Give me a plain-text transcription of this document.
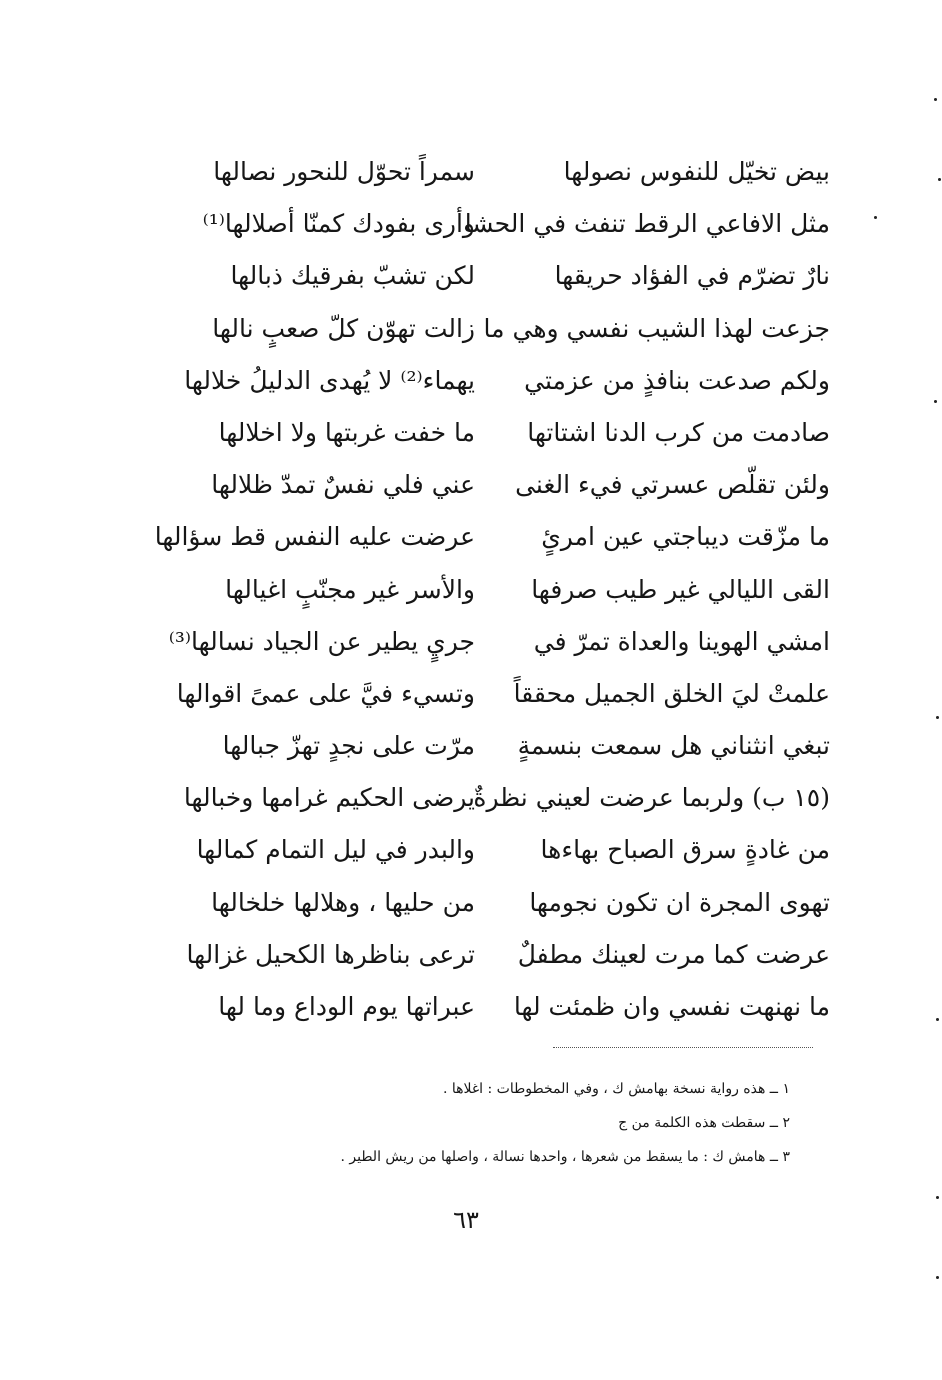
بيض تخيّل للنفوس نصولها
سمراً تحوّل للنحور نصالها
مثل الافاعي الرقط تنفث في الحشا
وأرى بفودك كمنّا أصلالها⁽¹⁾
نارٌ تضرّم في الفؤاد حريقها
لكن تشبّ بفرقيك ذبالها
جزعت لهذا الشيب نفسي وهي ما
زالت تهوّن كلّ صعبٍ نالها
ولكم صدعت بنافذٍ من عزمتي
يهماء⁽²⁾ لا يُهدى الدليلُ خلالها
صادمت من كرب الدنا اشتاتها
ما خفت غربتها ولا اخلالها
ولئن تقلّص عسرتي فيء الغنى
عني فلي نفسٌ تمدّ ظلالها
ما مزّقت ديباجتي عين امرئٍ
عرضت عليه النفس قط سؤالها
القى الليالي غير طيب صرفها
والأسر غير مجنّبٍ اغيالها
امشي الهوينا والعداة تمرّ في
جريٍ يطير عن الجياد نسالها⁽³⁾
علمتْ ليَ الخلق الجميل محققاً
وتسيء فيَّ على عمىً اقوالها
تبغي انثناني هل سمعت بنسمةٍ
مرّت على نجدٍ تهزّ جبالها
(١٥ ب) ولربما عرضت لعيني نظرةٌ
يرضى الحكيم غرامها وخبالها
من غادةٍ سرق الصباح بهاءها
والبدر في ليل التمام كمالها
تهوى المجرة ان تكون نجومها
من حليها ، وهلالها خلخالها
عرضت كما مرت لعينك مطفلٌ
ترعى بناظرها الكحيل غزالها
ما نهنهت نفسي وان ظمئت لها
عبراتها يوم الوداع وما لها
١ ــ هذه رواية نسخة بهامش ك ، وفي المخطوطات : اغلاها .
٢ ــ سقطت هذه الكلمة من ج
٣ ــ هامش ك : ما يسقط من شعرها ، واحدها نسالة ، واصلها من ريش الطير .
٦٣
